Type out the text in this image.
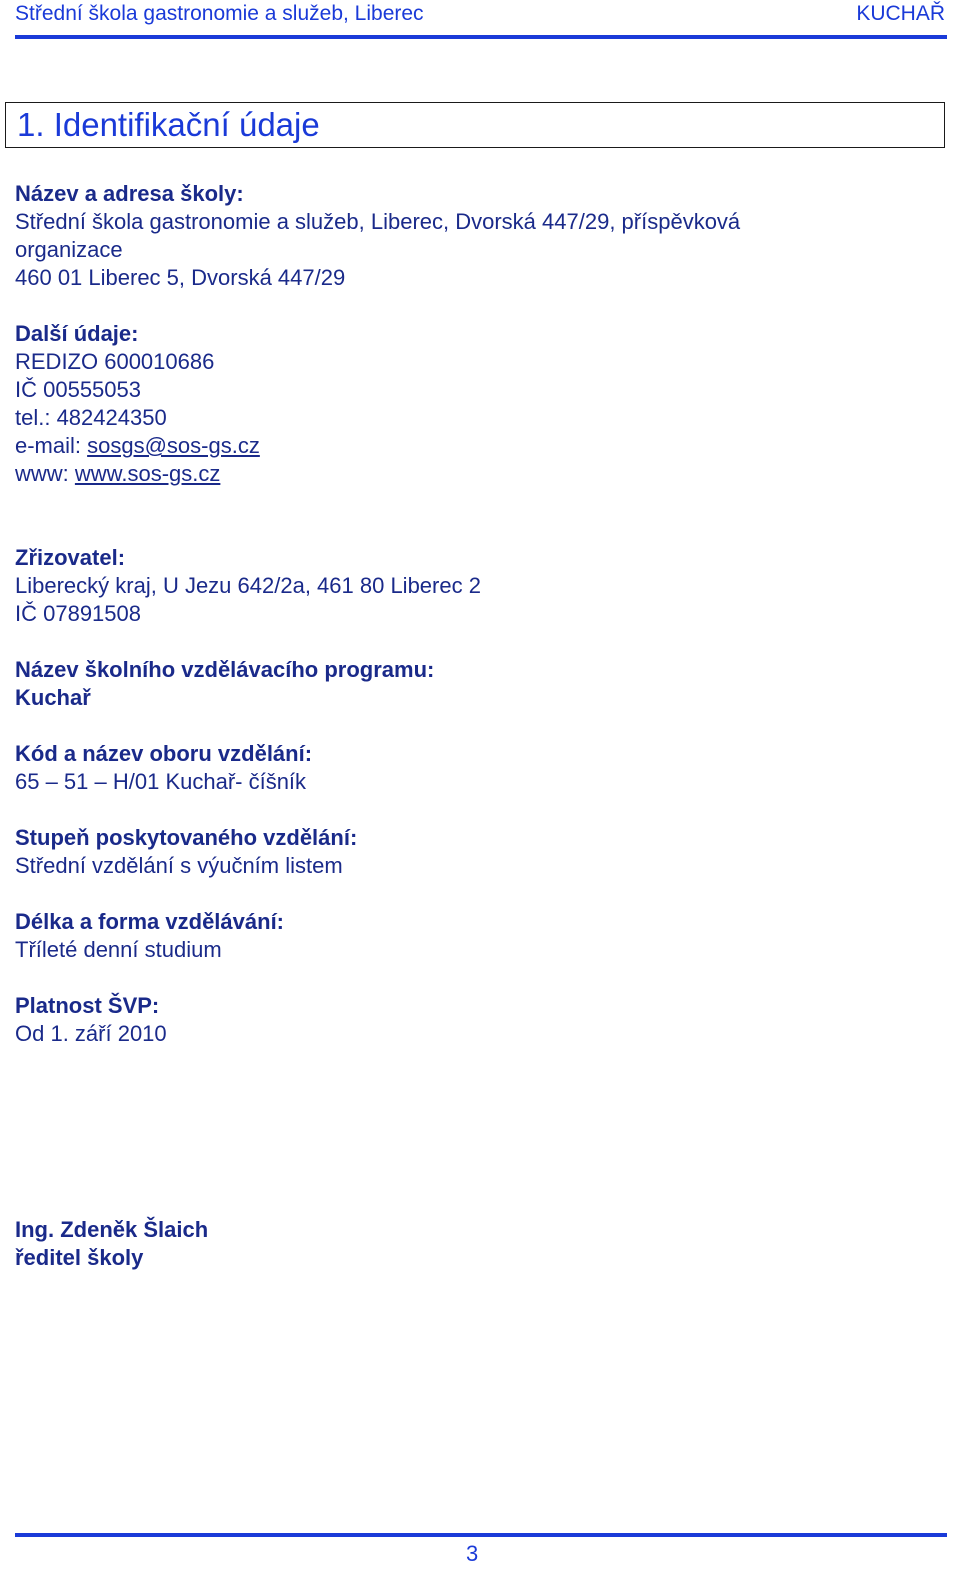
Střední škola gastronomie a služeb, Liberec	KUCHAŘ
1. Identifikační údaje
Název a adresa školy:
Střední škola gastronomie a služeb, Liberec, Dvorská 447/29, příspěvková
organizace
460 01 Liberec 5, Dvorská 447/29
Další údaje:
REDIZO 600010686
IČ 00555053
tel.: 482424350
e-mail: sosgs@sos-gs.cz
www: www.sos-gs.cz
Zřizovatel:
Liberecký kraj, U Jezu 642/2a, 461 80 Liberec 2
IČ 07891508
Název školního vzdělávacího programu:
Kuchař
Kód a název oboru vzdělání:
65 – 51 – H/01 Kuchař- číšník
Stupeň poskytovaného vzdělání:
Střední vzdělání s výučním listem
Délka a forma vzdělávání:
Tříleté denní studium
Platnost ŠVP:
Od 1. září 2010
Ing. Zdeněk Šlaich
ředitel školy
3
